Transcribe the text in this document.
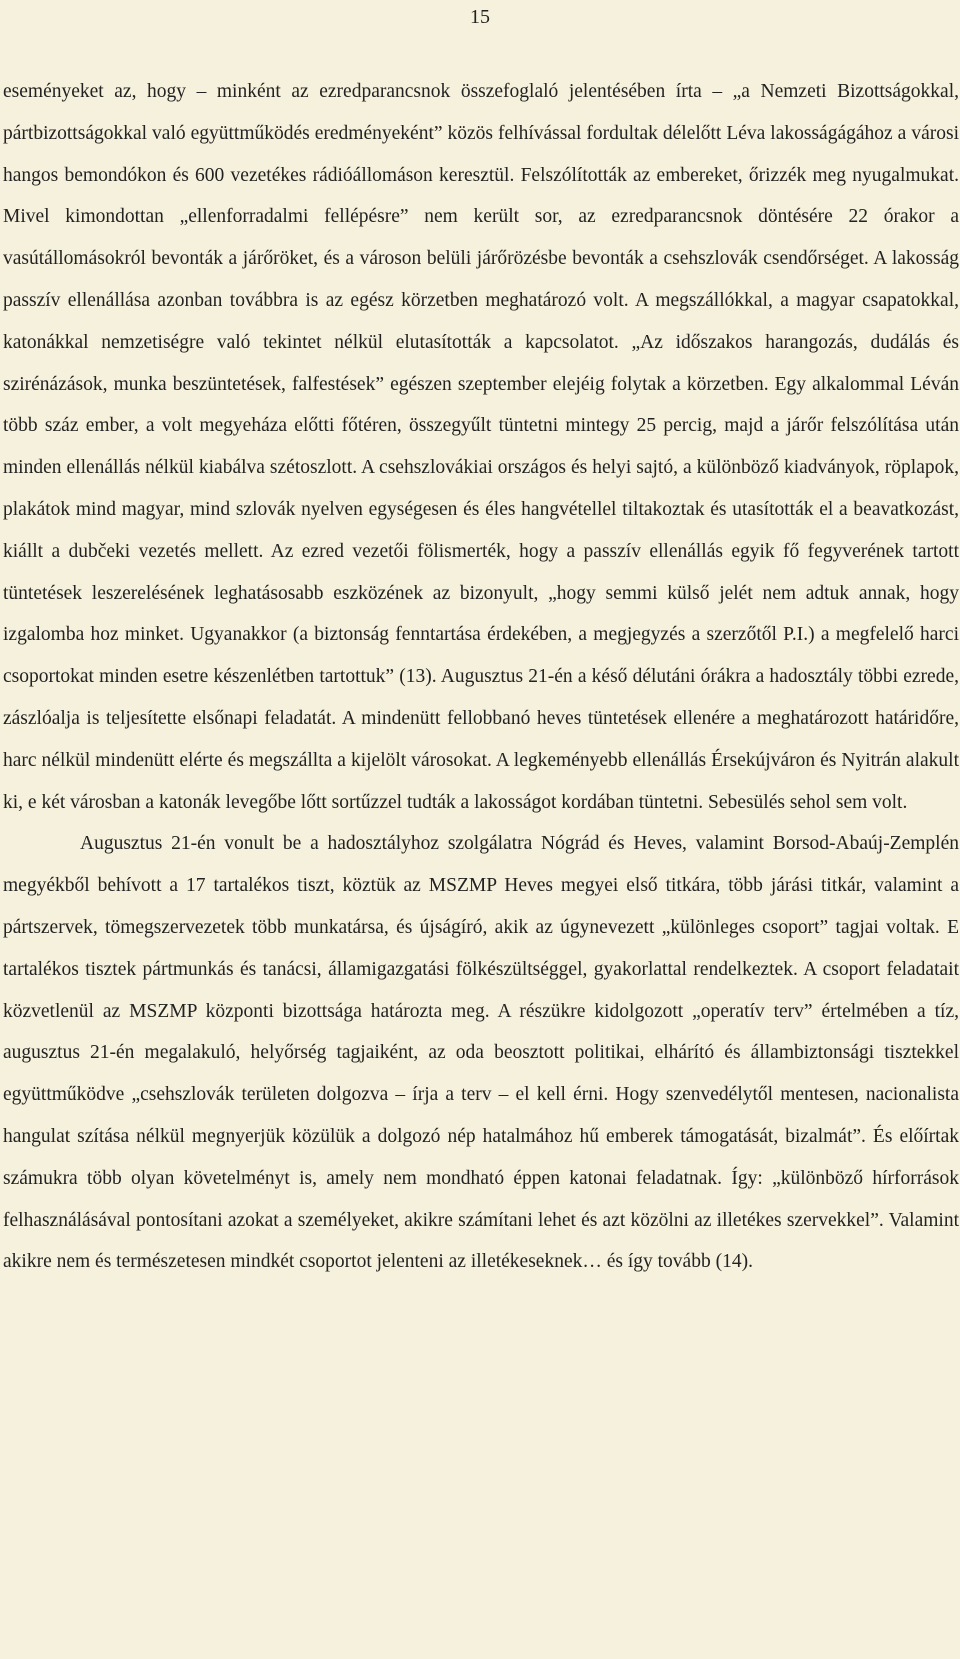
15

eseményeket az, hogy – minként az ezredparancsnok összefoglaló jelentésében írta – „a Nemzeti Bizottságokkal, pártbizottságokkal való együttműködés eredményeként” közös felhívással fordultak délelőtt Léva lakosságágához a városi hangos bemondókon és 600 vezetékes rádióállomáson keresztül. Felszólították az embereket, őrizzék meg nyugalmukat. Mivel kimondottan „ellenforradalmi fellépésre” nem került sor, az ezredparancsnok döntésére 22 órakor a vasútállomásokról bevonták a járőröket, és a városon belüli járőrözésbe bevonták a csehszlovák csendőrséget. A lakosság passzív ellenállása azonban továbbra is az egész körzetben meghatározó volt. A megszállókkal, a magyar csapatokkal, katonákkal nemzetiségre való tekintet nélkül elutasították a kapcsolatot. „Az időszakos harangozás, dudálás és szirénázások, munka beszüntetések, falfestések” egészen szeptember elejéig folytak a körzetben. Egy alkalommal Léván több száz ember, a volt megyeháza előtti főtéren, összegyűlt tüntetni mintegy 25 percig, majd a járőr felszólítása után minden ellenállás nélkül kiabálva szétoszlott. A csehszlovákiai országos és helyi sajtó, a különböző kiadványok, röplapok, plakátok mind magyar, mind szlovák nyelven egységesen és éles hangvétellel tiltakoztak és utasították el a beavatkozást, kiállt a dubčeki vezetés mellett. Az ezred vezetői fölismerték, hogy a passzív ellenállás egyik fő fegyverének tartott tüntetések leszerelésének leghatásosabb eszközének az bizonyult, „hogy semmi külső jelét nem adtuk annak, hogy izgalomba hoz minket. Ugyanakkor (a biztonság fenntartása érdekében, a megjegyzés a szerzőtől P.I.) a megfelelő harci csoportokat minden esetre készenlétben tartottuk” (13). Augusztus 21-én a késő délutáni órákra a hadosztály többi ezrede, zászlóalja is teljesítette elsőnapi feladatát. A mindenütt fellobbanó heves tüntetések ellenére a meghatározott határidőre, harc nélkül mindenütt elérte és megszállta a kijelölt városokat. A legkeményebb ellenállás Érsekújváron és Nyitrán alakult ki, e két városban a katonák levegőbe lőtt sortűzzel tudták a lakosságot kordában tüntetni. Sebesülés sehol sem volt.

Augusztus 21-én vonult be a hadosztályhoz szolgálatra Nógrád és Heves, valamint Borsod-Abaúj-Zemplén megyékből behívott a 17 tartalékos tiszt, köztük az MSZMP Heves megyei első titkára, több járási titkár, valamint a pártszervek, tömegszervezetek több munkatársa, és újságíró, akik az úgynevezett „különleges csoport” tagjai voltak. E tartalékos tisztek pártmunkás és tanácsi, államigazgatási fölkészültséggel, gyakorlattal rendelkeztek. A csoport feladatait közvetlenül az MSZMP központi bizottsága határozta meg. A részükre kidolgozott „operatív terv” értelmében a tíz, augusztus 21-én megalakuló, helyőrség tagjaiként, az oda beosztott politikai, elhárító és állambiztonsági tisztekkel együttműködve „csehszlovák területen dolgozva – írja a terv – el kell érni. Hogy szenvedélytől mentesen, nacionalista hangulat szítása nélkül megnyerjük közülük a dolgozó nép hatalmához hű emberek támogatását, bizalmát”. És előírtak számukra több olyan követelményt is, amely nem mondható éppen katonai feladatnak. Így: „különböző hírforrások felhasználásával pontosítani azokat a személyeket, akikre számítani lehet és azt közölni az illetékes szervekkel”. Valamint akikre nem és természetesen mindkét csoportot jelenteni az illetékeseknek… és így tovább (14).
